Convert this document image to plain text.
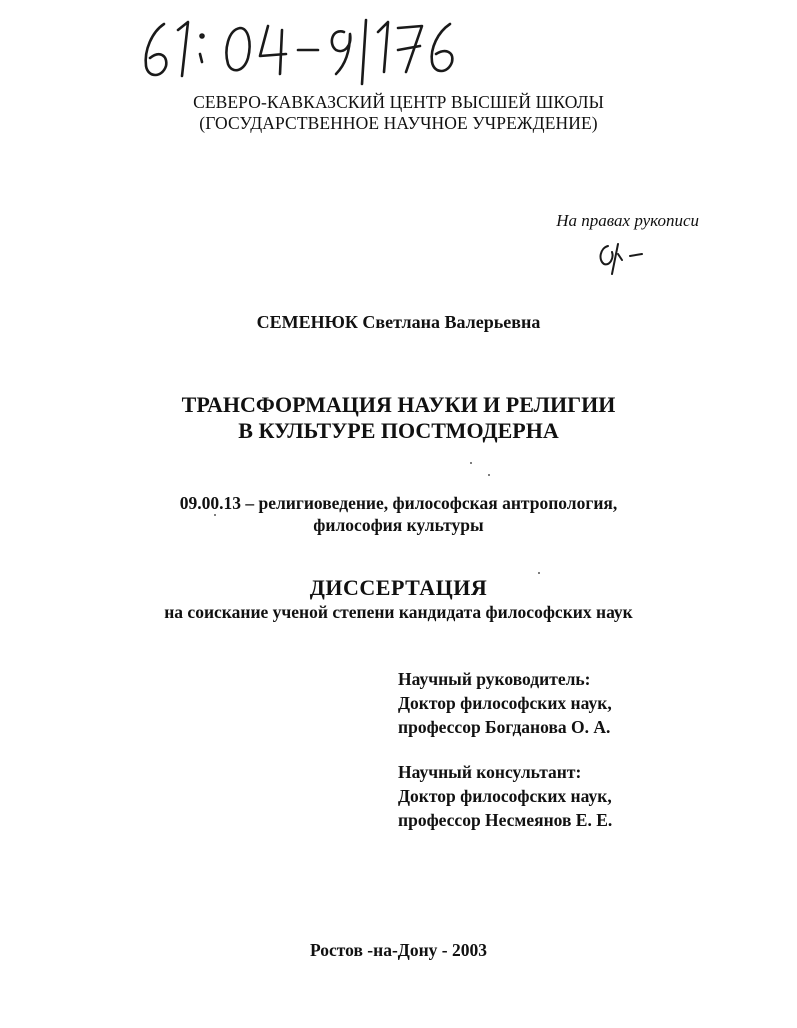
СЕВЕРО-КАВКАЗСКИЙ ЦЕНТР ВЫСШЕЙ ШКОЛЫ
(ГОСУДАРСТВЕННОЕ НАУЧНОЕ УЧРЕЖДЕНИЕ)
На правах рукописи
СЕМЕНЮК Светлана Валерьевна
ТРАНСФОРМАЦИЯ НАУКИ И РЕЛИГИИ
В КУЛЬТУРЕ ПОСТМОДЕРНА
09.00.13 – религиоведение, философская антропология,
философия культуры
ДИССЕРТАЦИЯ
на соискание ученой степени кандидата философских наук
Научный руководитель:
Доктор философских наук,
профессор Богданова О. А.
Научный консультант:
Доктор философских наук,
профессор Несмеянов Е. Е.
Ростов -на-Дону - 2003
